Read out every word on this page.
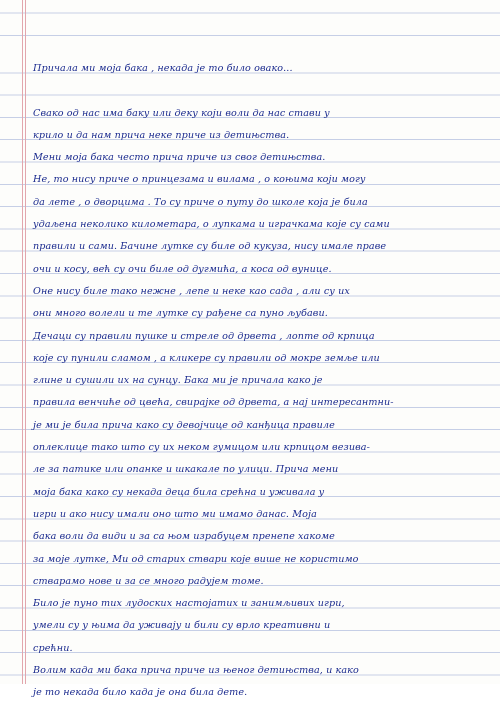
Причала ми моја бака , некада је то било овако...
Свако од нас има баку или деку који воли да нас стави у
крило и да нам прича неке приче из детињства.
Мени моја бака често прича приче из свог детињства.
Не, то нису приче о принцезама и вилама , о коњима који могу
да лете , о дворцима . То су приче о путу до школе која је била
удаљена неколико километара, о лупкама и играчкама које су сами
правили и сами. Бачине лутке су биле од кукуза, нису имале праве
очи и косу, већ су очи биле од дугмића, а коса од вунице.
Оне нису биле тако нежне , лепе и неке као сада , али су их
они много волели и те лутке су рађене са пуно љубави.
Дечаци су правили пушке и стреле од дрвета , лопте од крпица
које су пунили сламом , а кликере су правили од мокре земље или
глине и сушили их на сунцу. Бака ми је причала како је
правила венчиће од цвећа, свирајке од дрвета, а нај интересантни-
је ми је била прича како су девојчице од канђица правиле
оплеклице тако што су их неком гумицом или крпицом везива-
ле за патике или опанке и шкакале по улици. Прича мени
моја бака како су некада деца била срећна и уживала у
игри и ако нису имали оно што ми имамо данас. Моја
бака воли да види и за са њом израбуцем пренепе хакоме
за моје лутке, Ми од старих ствари које више не користимо
стварамо нове и за се много радујем томе.
Било је пуно тих лудоских настојатих и занимљивих игри,
умели су у њима да уживају и били су врло креативни и
срећни.
Волим када ми бака прича приче из њеног детињства, и како
је то некада било када је она била дете.
